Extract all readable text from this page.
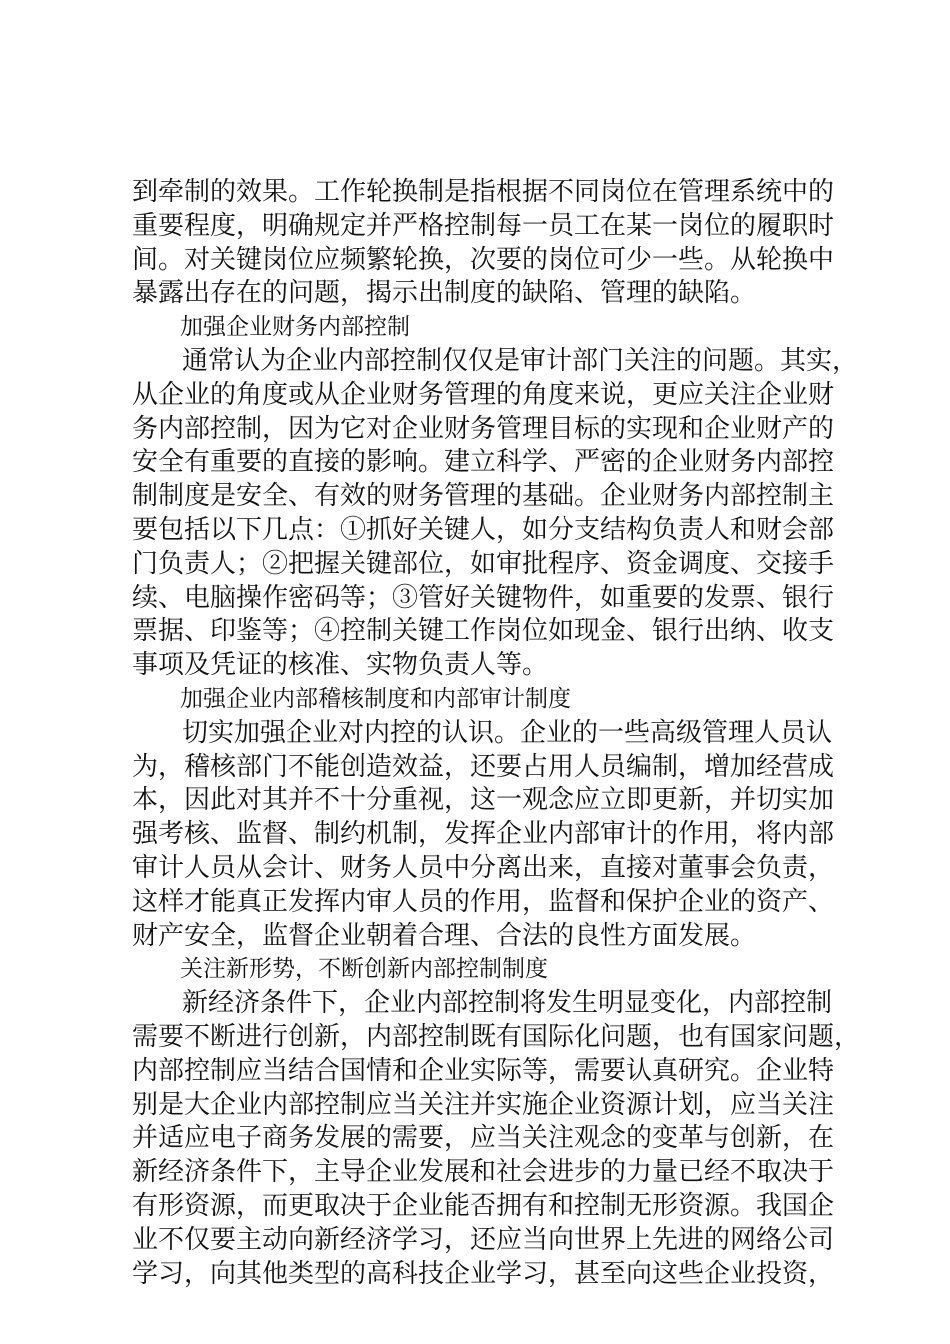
到牵制的效果。工作轮换制是指根据不同岗位在管理系统中的
重要程度，明确规定并严格控制每一员工在某一岗位的履职时
间。对关键岗位应频繁轮换，次要的岗位可少一些。从轮换中
暴露出存在的问题，揭示出制度的缺陷、管理的缺陷。
加强企业财务内部控制
通常认为企业内部控制仅仅是审计部门关注的问题。其实，
从企业的角度或从企业财务管理的角度来说，更应关注企业财
务内部控制，因为它对企业财务管理目标的实现和企业财产的
安全有重要的直接的影响。建立科学、严密的企业财务内部控
制制度是安全、有效的财务管理的基础。企业财务内部控制主
要包括以下几点：①抓好关键人，如分支结构负责人和财会部
门负责人；②把握关键部位，如审批程序、资金调度、交接手
续、电脑操作密码等；③管好关键物件，如重要的发票、银行
票据、印鉴等；④控制关键工作岗位如现金、银行出纳、收支
事项及凭证的核准、实物负责人等。
加强企业内部稽核制度和内部审计制度
切实加强企业对内控的认识。企业的一些高级管理人员认
为，稽核部门不能创造效益，还要占用人员编制，增加经营成
本，因此对其并不十分重视，这一观念应立即更新，并切实加
强考核、监督、制约机制，发挥企业内部审计的作用，将内部
审计人员从会计、财务人员中分离出来，直接对董事会负责，
这样才能真正发挥内审人员的作用，监督和保护企业的资产、
财产安全，监督企业朝着合理、合法的良性方面发展。
关注新形势，不断创新内部控制制度
新经济条件下，企业内部控制将发生明显变化，内部控制
需要不断进行创新，内部控制既有国际化问题，也有国家问题，
内部控制应当结合国情和企业实际等，需要认真研究。企业特
别是大企业内部控制应当关注并实施企业资源计划，应当关注
并适应电子商务发展的需要，应当关注观念的变革与创新，在
新经济条件下，主导企业发展和社会进步的力量已经不取决于
有形资源，而更取决于企业能否拥有和控制无形资源。我国企
业不仅要主动向新经济学习，还应当向世界上先进的网络公司
学习，向其他类型的高科技企业学习，甚至向这些企业投资，
